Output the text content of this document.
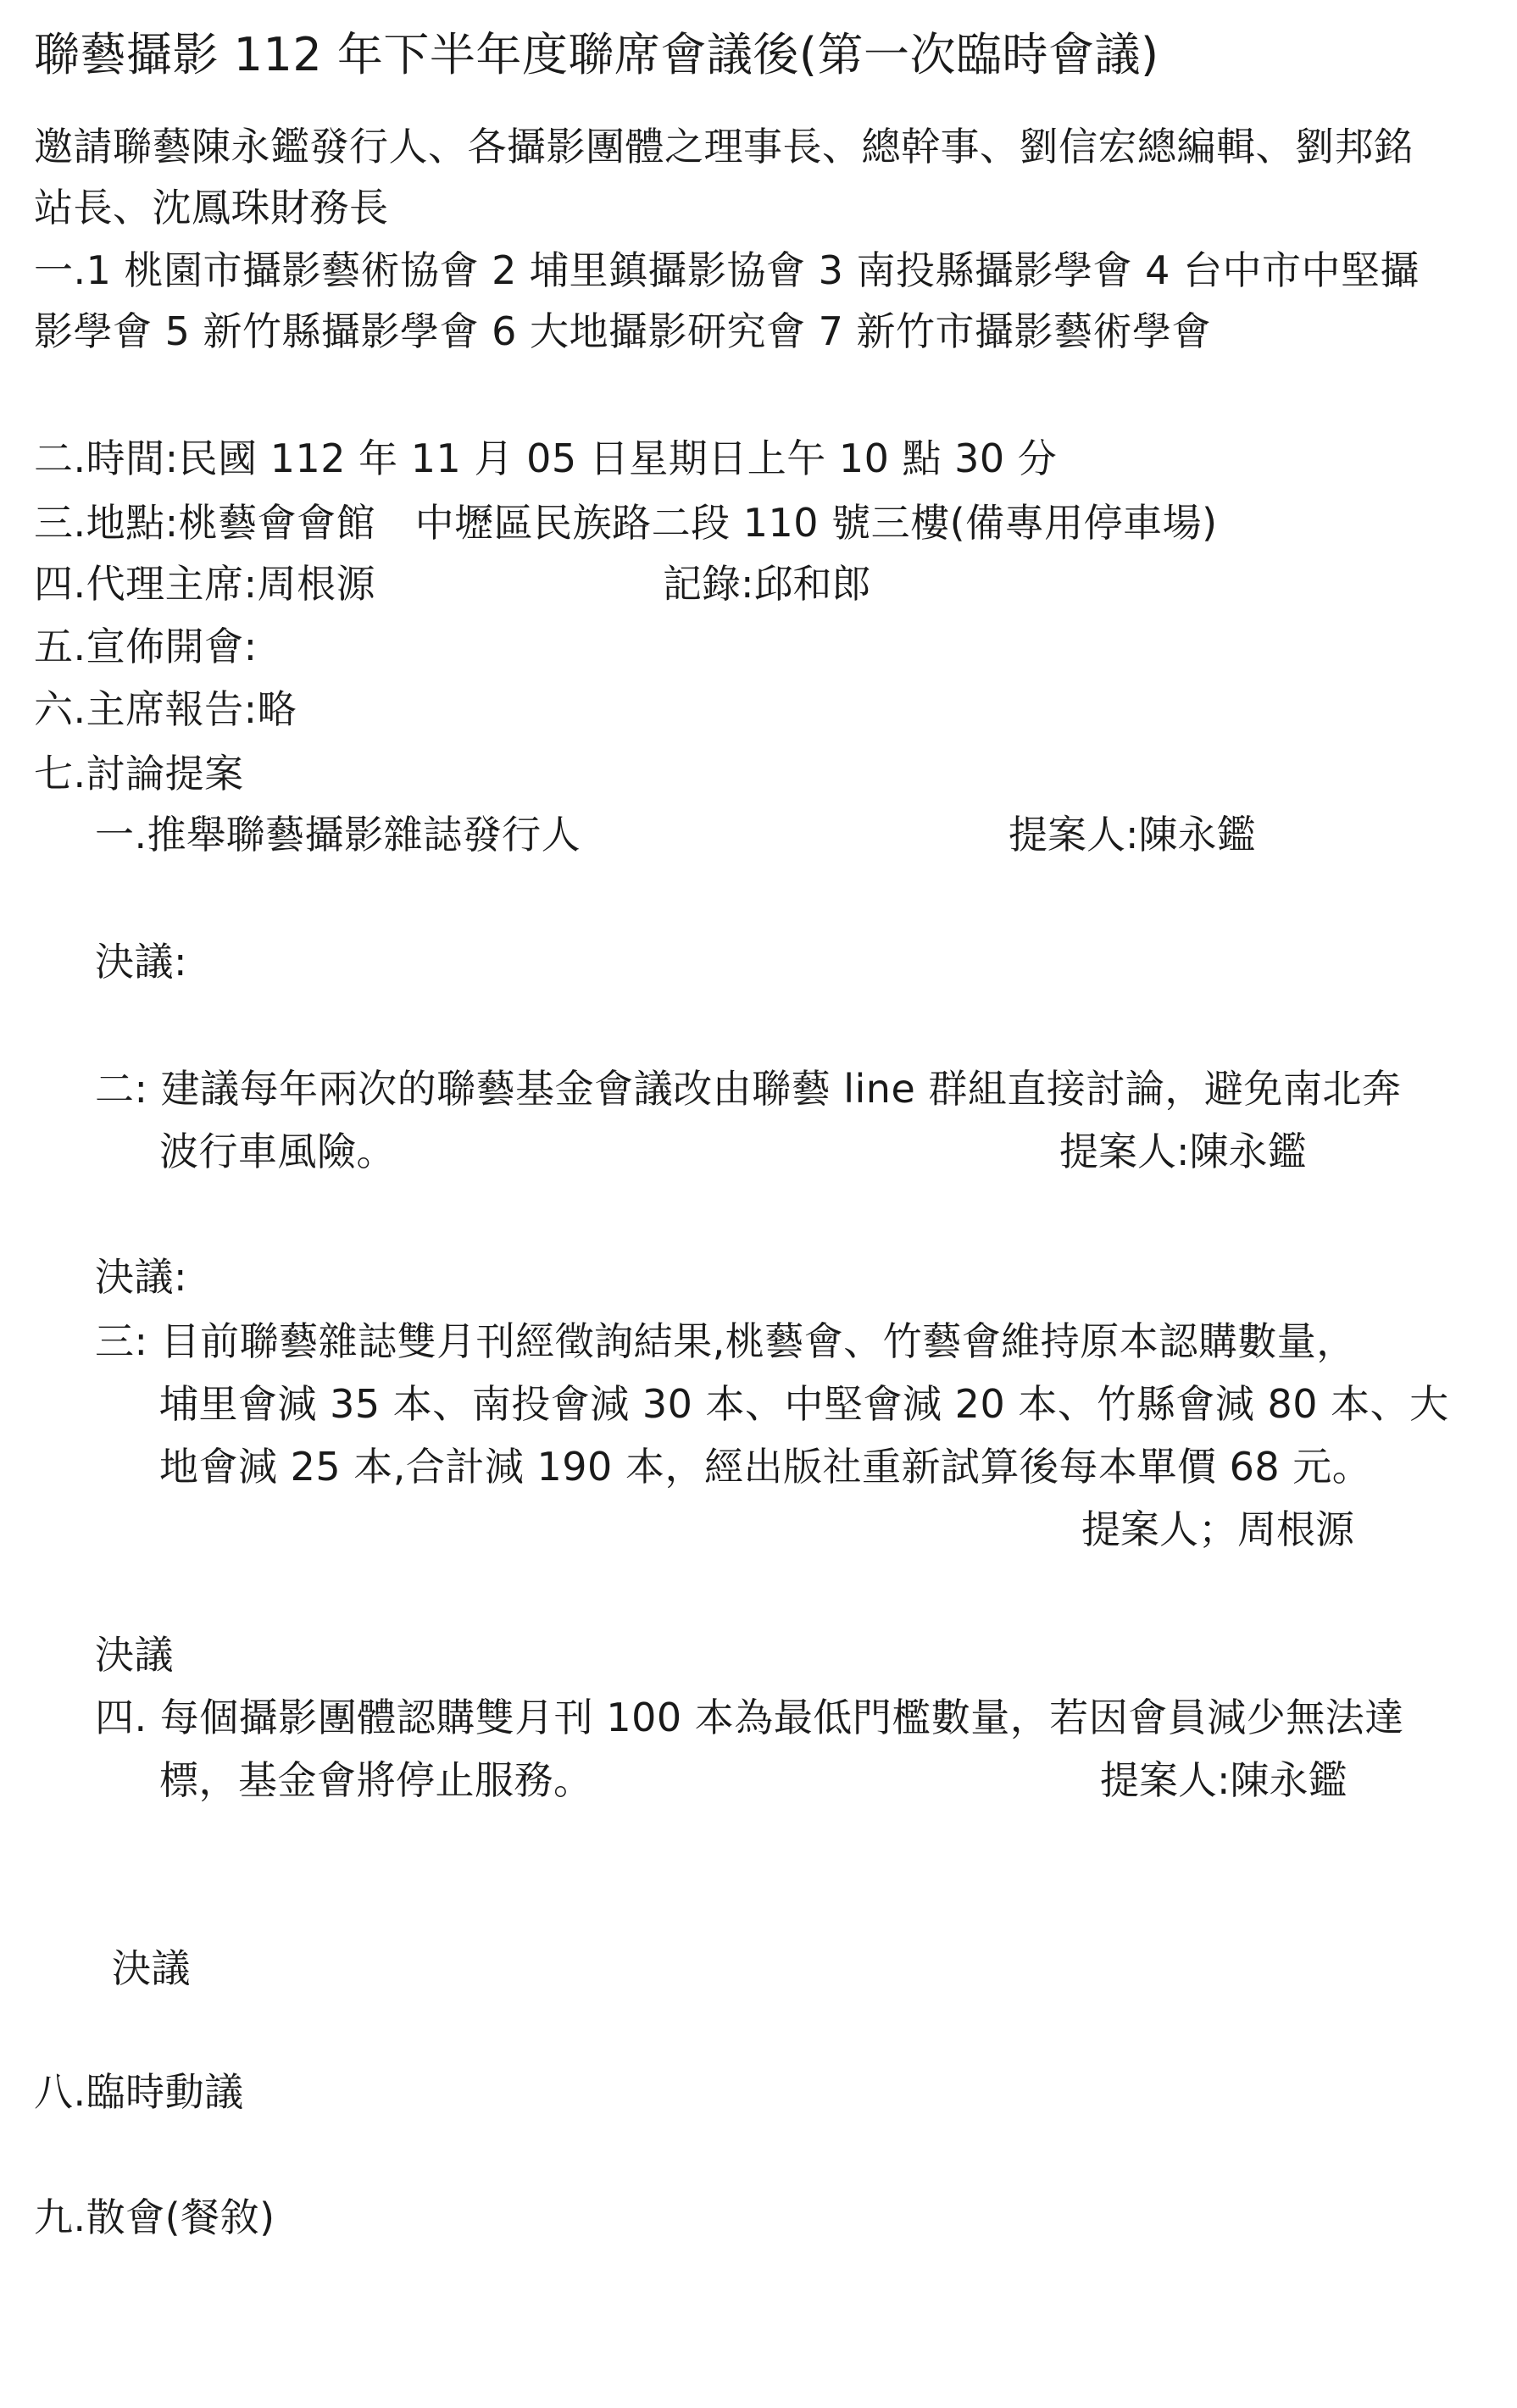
聯藝攝影 112 年下半年度聯席會議後(第一次臨時會議)
邀請聯藝陳永鑑發行人、各攝影團體之理事長、總幹事、劉信宏總編輯、劉邦銘
站長、沈鳳珠財務長
一.1 桃園市攝影藝術協會 2 埔里鎮攝影協會 3 南投縣攝影學會 4 台中市中堅攝
影學會 5 新竹縣攝影學會 6 大地攝影研究會 7 新竹市攝影藝術學會
二.時間:民國 112 年 11 月 05 日星期日上午 10 點 30 分
三.地點:桃藝會會館　中壢區民族路二段 110 號三樓(備專用停車場)
四.代理主席:周根源	記錄:邱和郎
五.宣佈開會:
六.主席報告:略
七.討論提案
一.推舉聯藝攝影雜誌發行人	提案人:陳永鑑
決議:
二: 建議每年兩次的聯藝基金會議改由聯藝 line 群組直接討論，避免南北奔
波行車風險。	提案人:陳永鑑
決議:
三: 目前聯藝雜誌雙月刊經徵詢結果,桃藝會、竹藝會維持原本認購數量，
埔里會減 35 本、南投會減 30 本、中堅會減 20 本、竹縣會減 80 本、大
地會減 25 本,合計減 190 本，經出版社重新試算後每本單價 68 元。
提案人；周根源
決議
四. 每個攝影團體認購雙月刊 100 本為最低門檻數量，若因會員減少無法達
標，基金會將停止服務。	提案人:陳永鑑
決議
八.臨時動議
九.散會(餐敘)
